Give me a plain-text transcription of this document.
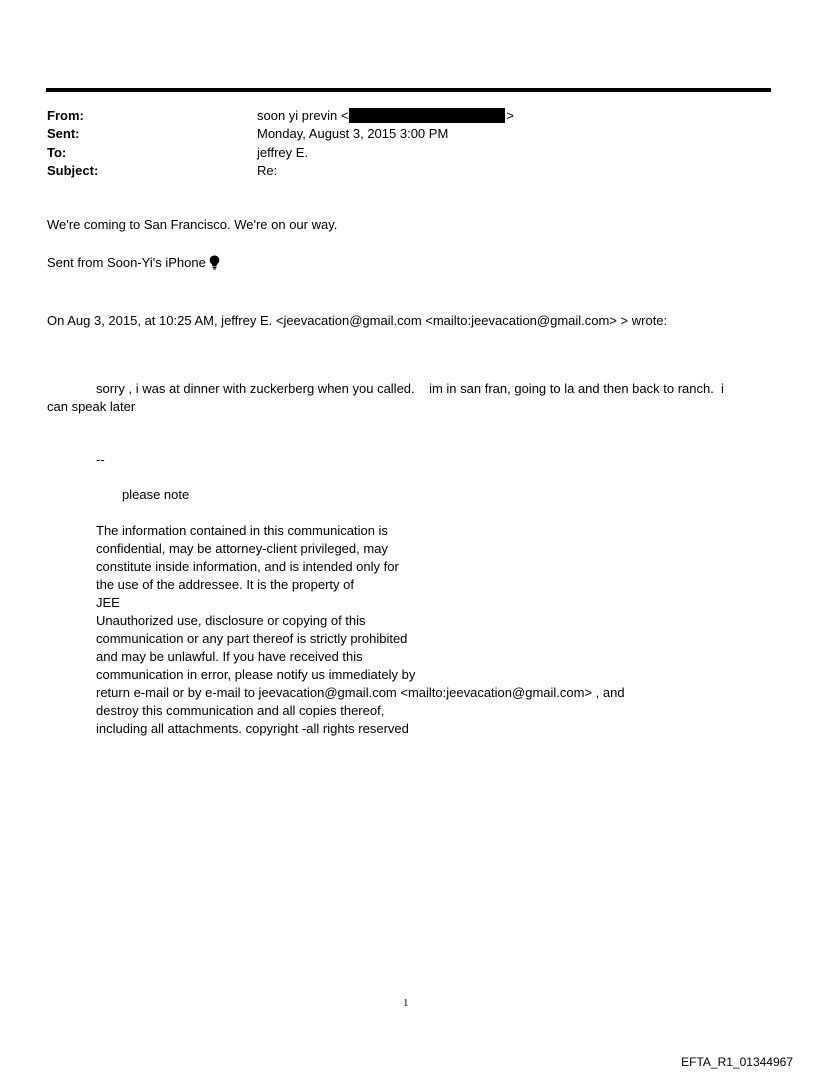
From:	soon yi previn <	>
Sent:	Monday, August 3, 2015 3:00 PM
To:	jeffrey E.
Subject:	Re:
We're coming to San Francisco. We're on our way.
Sent from Soon-Yi's iPhone
On Aug 3, 2015, at 10:25 AM, jeffrey E. <jeevacation@gmail.com <mailto:jeevacation@gmail.com> > wrote:
sorry , i was at dinner with zuckerberg when you called.    im in san fran, going to la and then back to ranch.  i
can speak later
--
please note
The information contained in this communication is
confidential, may be attorney-client privileged, may
constitute inside information, and is intended only for
the use of the addressee. It is the property of
JEE
Unauthorized use, disclosure or copying of this
communication or any part thereof is strictly prohibited
and may be unlawful. If you have received this
communication in error, please notify us immediately by
return e-mail or by e-mail to jeevacation@gmail.com <mailto:jeevacation@gmail.com> , and
destroy this communication and all copies thereof,
including all attachments. copyright -all rights reserved
1
EFTA_R1_01344967
